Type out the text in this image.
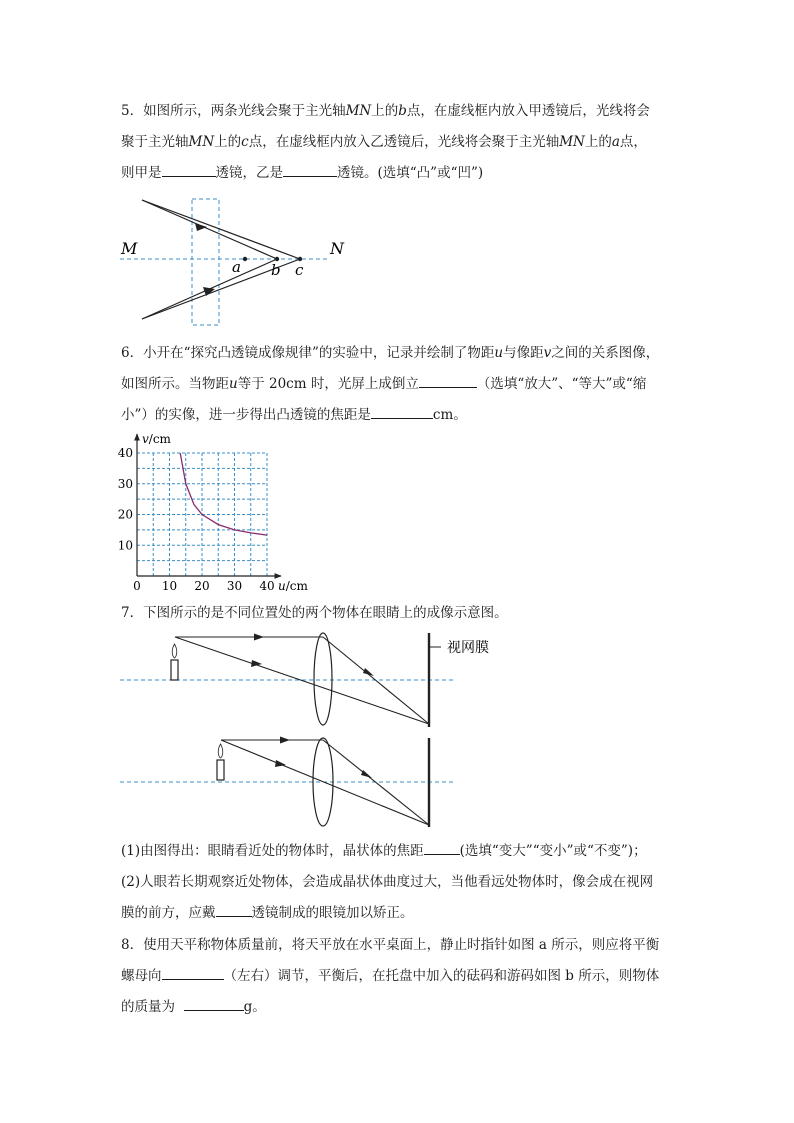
5．如图所示，两条光线会聚于主光轴MN上的b点，在虚线框内放入甲透镜后，光线将会

聚于主光轴MN上的c点，在虚线框内放入乙透镜后，光线将会聚于主光轴MN上的a点，

则甲是	透镜，乙是	透镜。(选填“凸”或“凹”)

M	N
a b c

6．小开在“探究凸透镜成像规律”的实验中，记录并绘制了物距u与像距v之间的关系图像，

如图所示。当物距u等于 20cm 时，光屏上成倒立	（选填“放大”、“等大”或“缩

小”）的实像，进一步得出凸透镜的焦距是	cm。

0 10 20 30 40
10
20
30
40
v/cm
u/cm

7．下图所示的是不同位置处的两个物体在眼睛上的成像示意图。

视网膜

(1)由图得出：眼睛看近处的物体时，晶状体的焦距	(选填“变大”“变小”或“不变”)；

(2)人眼若长期观察近处物体，会造成晶状体曲度过大，当他看远处物体时，像会成在视网

膜的前方，应戴	透镜制成的眼镜加以矫正。

8．使用天平称物体质量前，将天平放在水平桌面上，静止时指针如图 a 所示，则应将平衡

螺母向	（左右）调节，平衡后，在托盘中加入的砝码和游码如图 b 所示，则物体

的质量为	g。
